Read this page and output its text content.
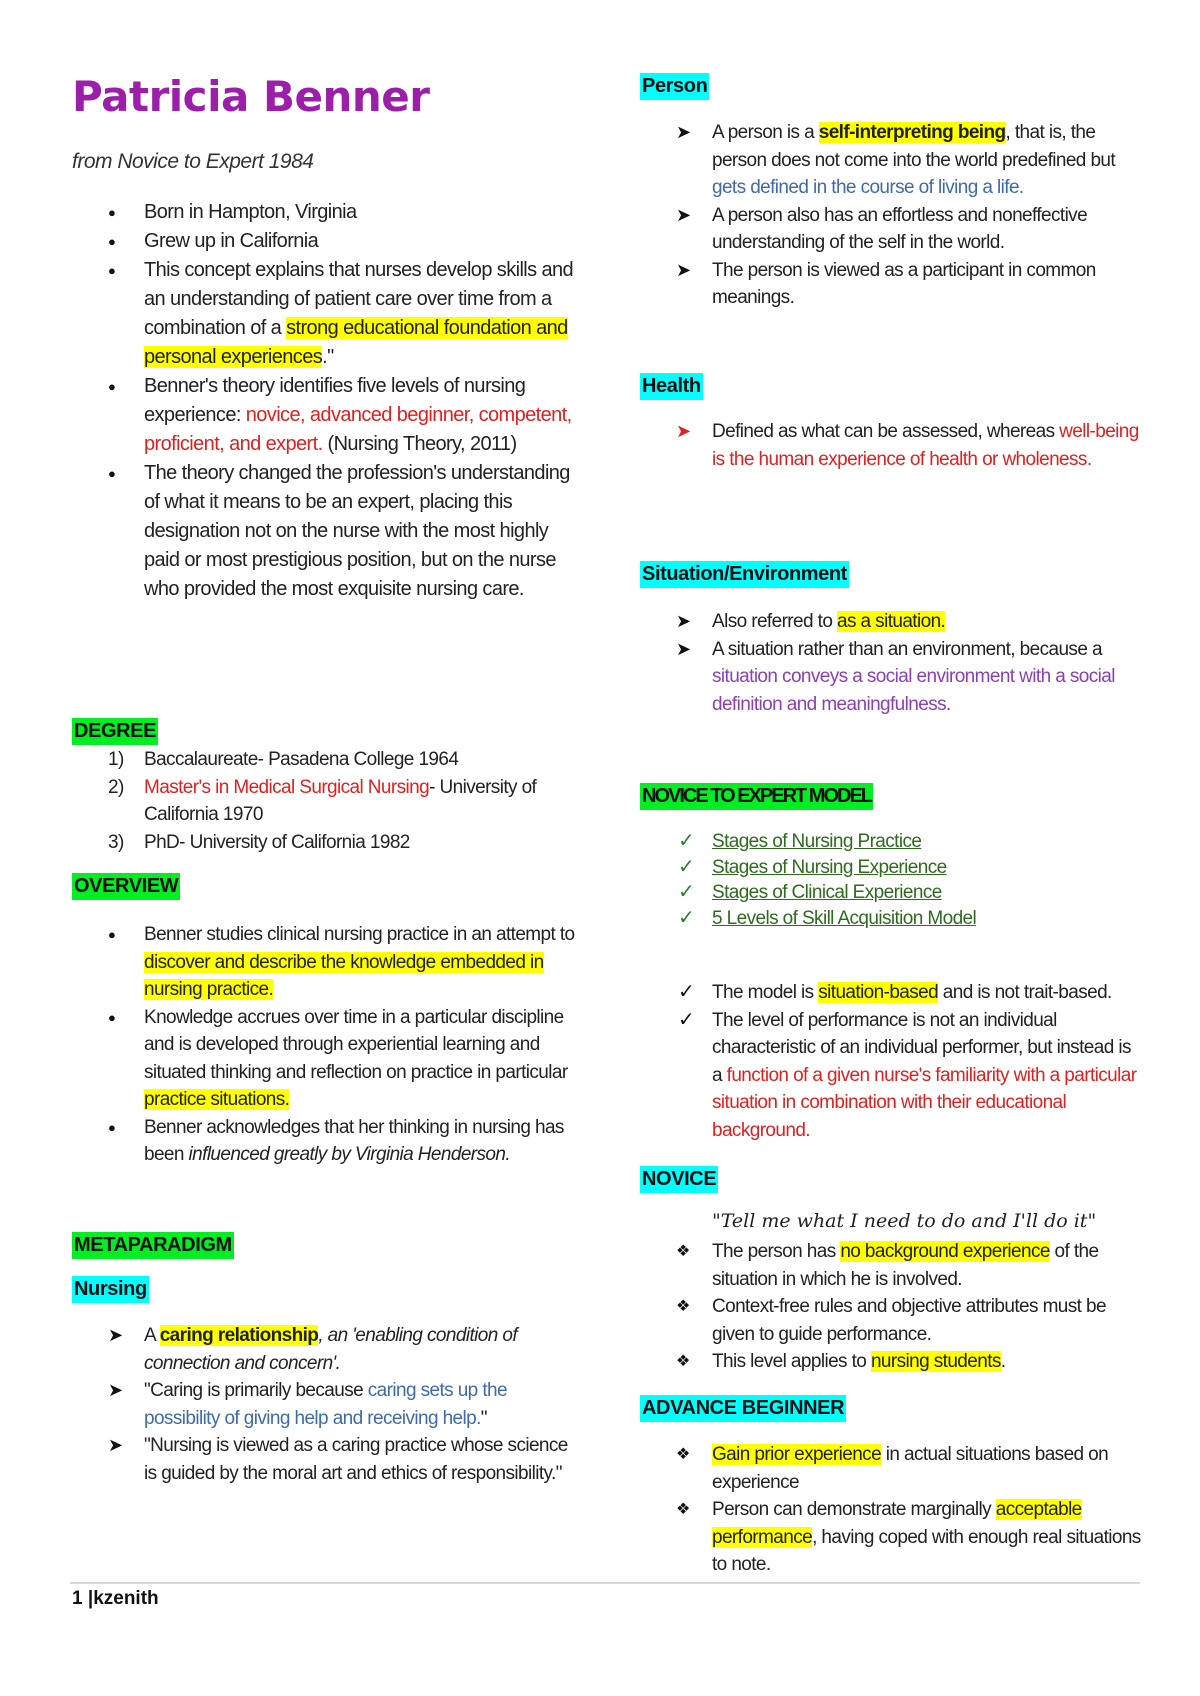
Patricia Benner
from Novice to Expert 1984
● Born in Hampton, Virginia
● Grew up in California
● This concept explains that nurses develop skills and an understanding of patient care over time from a combination of a strong educational foundation and personal experiences."
● Benner's theory identifies five levels of nursing experience: novice, advanced beginner, competent, proficient, and expert. (Nursing Theory, 2011)
● The theory changed the profession's understanding of what it means to be an expert, placing this designation not on the nurse with the most highly paid or most prestigious position, but on the nurse who provided the most exquisite nursing care.
DEGREE
1) Baccalaureate- Pasadena College 1964
2) Master's in Medical Surgical Nursing- University of California 1970
3) PhD- University of California 1982
OVERVIEW
● Benner studies clinical nursing practice in an attempt to discover and describe the knowledge embedded in nursing practice.
● Knowledge accrues over time in a particular discipline and is developed through experiential learning and situated thinking and reflection on practice in particular practice situations.
● Benner acknowledges that her thinking in nursing has been influenced greatly by Virginia Henderson.
METAPARADIGM
Nursing
➤ A caring relationship, an 'enabling condition of connection and concern'.
➤ "Caring is primarily because caring sets up the possibility of giving help and receiving help."
➤ "Nursing is viewed as a caring practice whose science is guided by the moral art and ethics of responsibility."
Person
➤ A person is a self-interpreting being, that is, the person does not come into the world predefined but gets defined in the course of living a life.
➤ A person also has an effortless and noneffective understanding of the self in the world.
➤ The person is viewed as a participant in common meanings.
Health
➤ Defined as what can be assessed, whereas well-being is the human experience of health or wholeness.
Situation/Environment
➤ Also referred to as a situation.
➤ A situation rather than an environment, because a situation conveys a social environment with a social definition and meaningfulness.
NOVICE TO EXPERT MODEL
✓ Stages of Nursing Practice
✓ Stages of Nursing Experience
✓ Stages of Clinical Experience
✓ 5 Levels of Skill Acquisition Model
✓ The model is situation-based and is not trait-based.
✓ The level of performance is not an individual characteristic of an individual performer, but instead is a function of a given nurse's familiarity with a particular situation in combination with their educational background.
NOVICE
"Tell me what I need to do and I'll do it"
❖ The person has no background experience of the situation in which he is involved.
❖ Context-free rules and objective attributes must be given to guide performance.
❖ This level applies to nursing students.
ADVANCE BEGINNER
❖ Gain prior experience in actual situations based on experience
❖ Person can demonstrate marginally acceptable performance, having coped with enough real situations to note.
1 |kzenith
